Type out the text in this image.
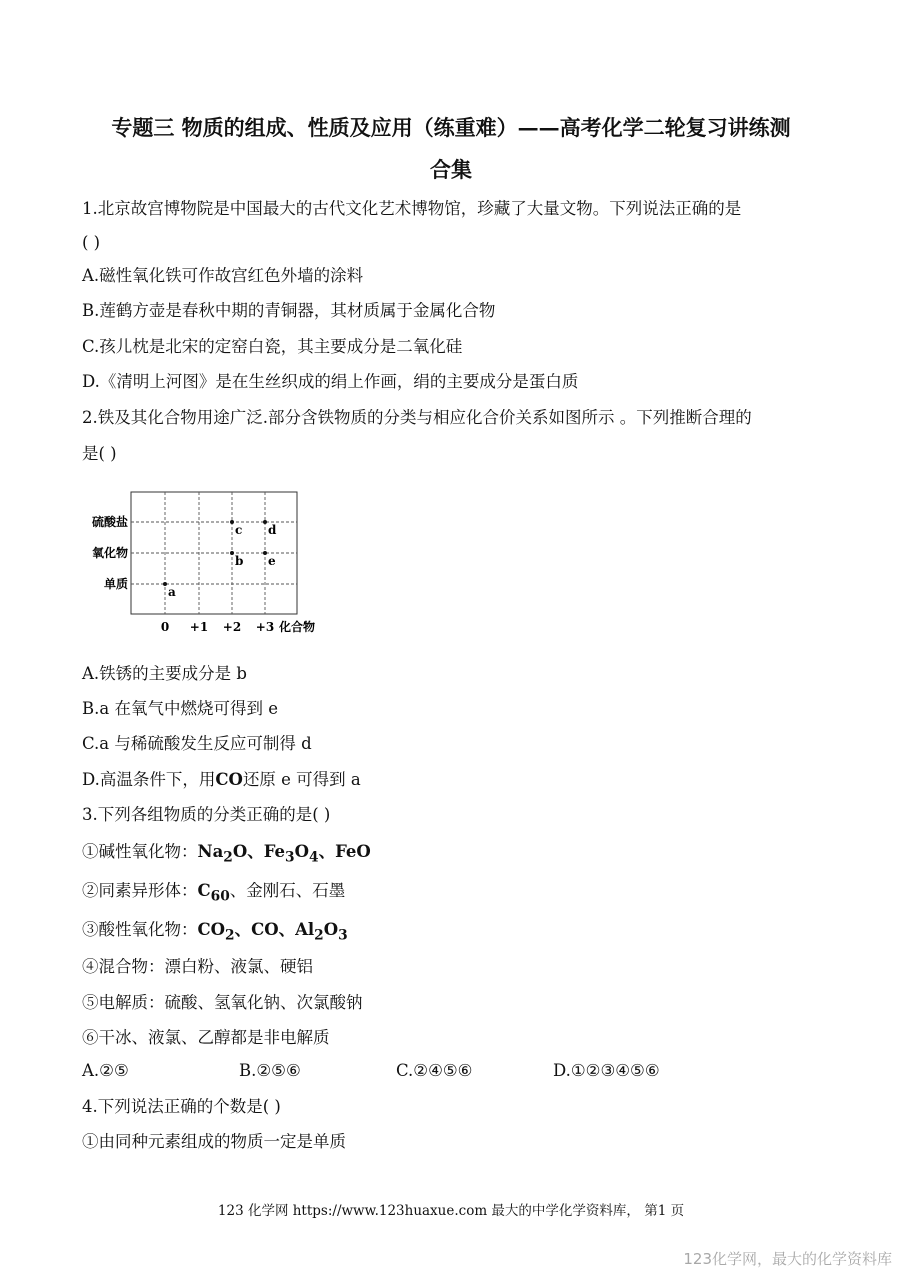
专题三 物质的组成、性质及应用（练重难）——高考化学二轮复习讲练测
合集
1.北京故宫博物院是中国最大的古代文化艺术博物馆，珍藏了大量文物。下列说法正确的是
( )
A.磁性氧化铁可作故宫红色外墙的涂料
B.莲鹤方壶是春秋中期的青铜器，其材质属于金属化合物
C.孩儿枕是北宋的定窑白瓷，其主要成分是二氧化硅
D.《清明上河图》是在生丝织成的绢上作画，绢的主要成分是蛋白质
2.铁及其化合物用途广泛.部分含铁物质的分类与相应化合价关系如图所示 。下列推断合理的
是( )
硫酸盐
氧化物
单质
0 +1 +2 +3 化合物
a
b
c d
e
A.铁锈的主要成分是 b
B.a 在氧气中燃烧可得到 e
C.a 与稀硫酸发生反应可制得 d
D.高温条件下，用CO还原 e 可得到 a
3.下列各组物质的分类正确的是( )
①碱性氧化物：$Na_2O$、$Fe_3O_4$、FeO
②同素异形体：$C_{60}$、金刚石、石墨
③酸性氧化物：$CO_2$、CO、$Al_2O_3$
④混合物：漂白粉、液氯、硬铝
⑤电解质：硫酸、氢氧化钠、次氯酸钠
⑥干冰、液氯、乙醇都是非电解质
A.②⑤	B.②⑤⑥	C.②④⑤⑥	D.①②③④⑤⑥
4.下列说法正确的个数是( )
①由同种元素组成的物质一定是单质
123 化学网 https://www.123huaxue.com 最大的中学化学资料库， 第1 页
123化学网，最大的化学资料库
